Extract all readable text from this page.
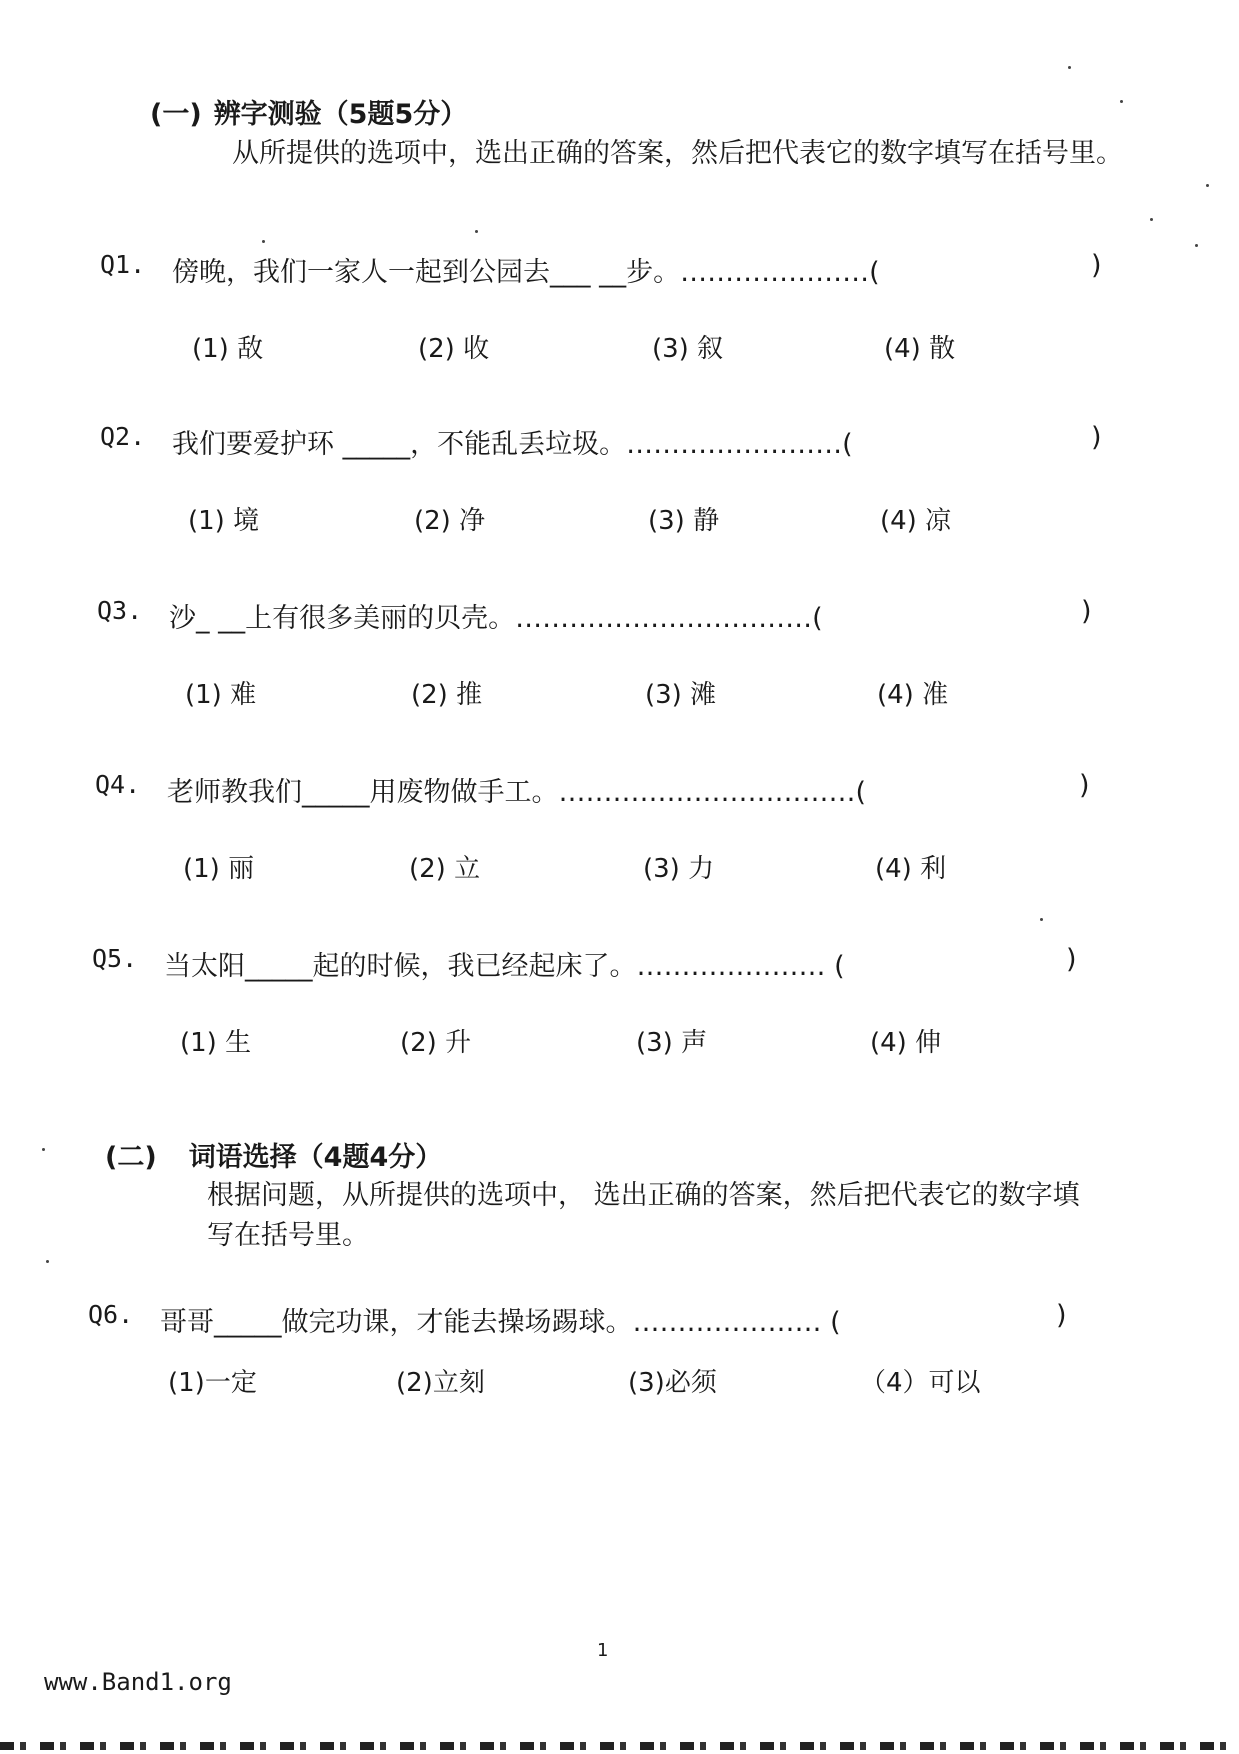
(一) 辨字测验（5题5分）
从所提供的选项中，选出正确的答案，然后把代表它的数字填写在括号里。
Q1. 傍晚，我们一家人一起到公园去___ __步。…………………(	)
(1) 敌	(2) 收	(3) 叙	(4) 散
Q2. 我们要爱护环 _____，不能乱丢垃圾。……………………(	)
(1) 境	(2) 净	(3) 静	(4) 凉
Q3. 沙_ __上有很多美丽的贝壳。……………………………(	)
(1) 难	(2) 推	(3) 滩	(4) 准
Q4. 老师教我们_____用废物做手工。……………………………(	)
(1) 丽	(2) 立	(3) 力	(4) 利
Q5. 当太阳_____起的时候，我已经起床了。………………… (	)
(1) 生	(2) 升	(3) 声	(4) 伸
(二) 词语选择（4题4分）
根据问题，从所提供的选项中， 选出正确的答案，然后把代表它的数字填写在括号里。
Q6. 哥哥_____做完功课，才能去操场踢球。………………… (	)
(1)一定	(2)立刻	(3)必须	（4）可以
1
www.Band1.org
